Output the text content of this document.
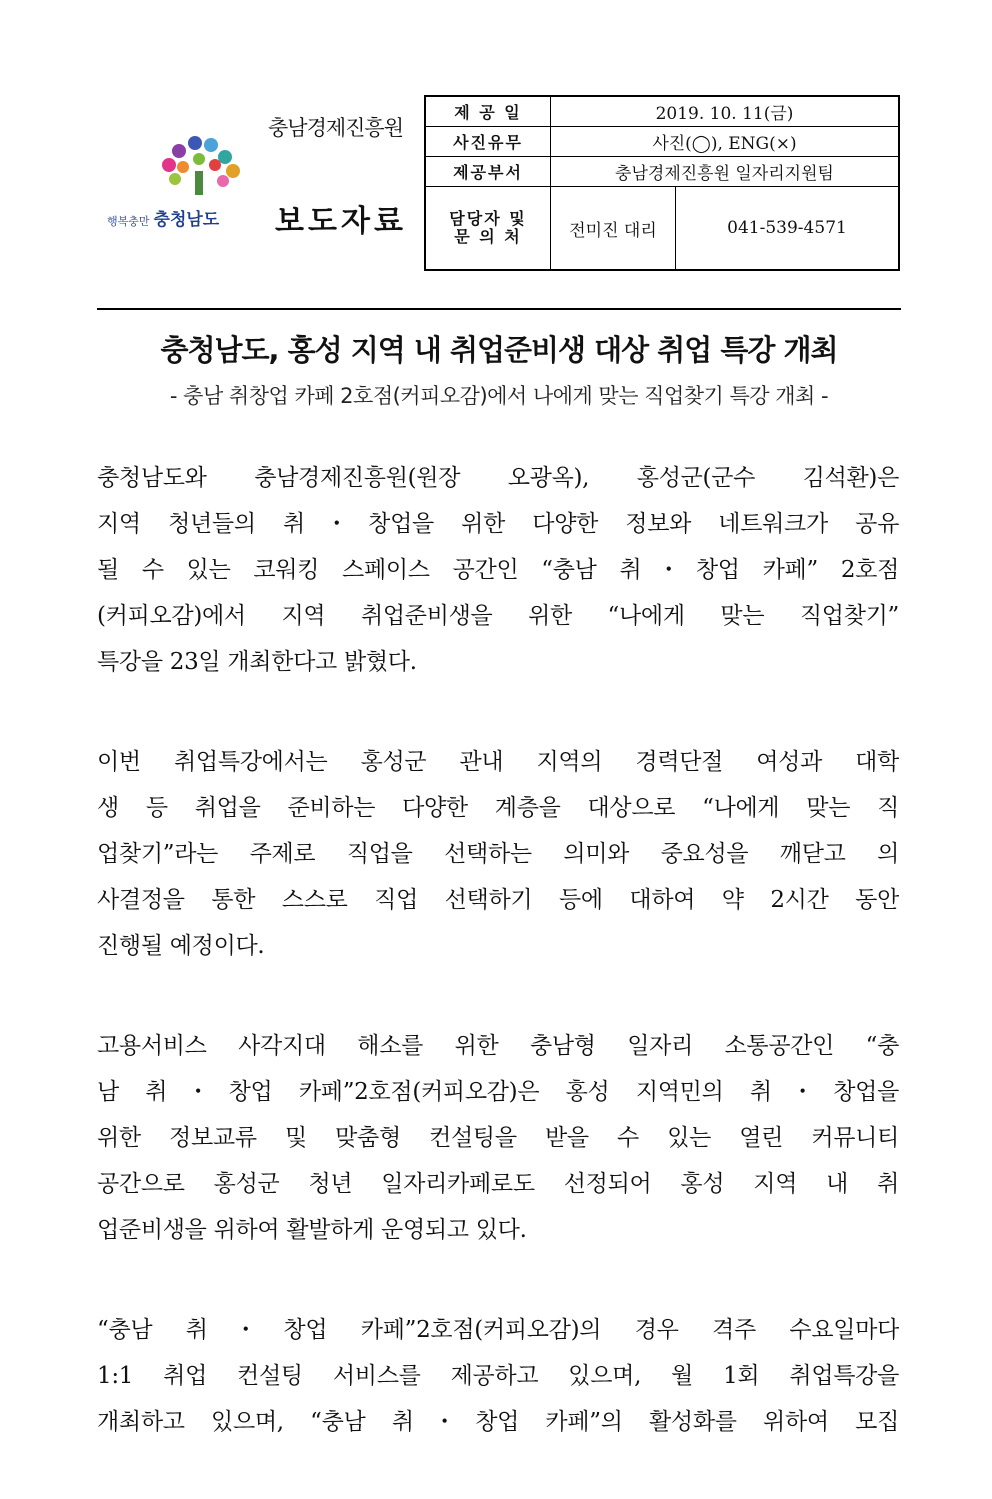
행복충만 충청남도
충남경제진흥원
보도자료
제 공 일	2019. 10. 11(금)	
사진유무	사진(◯), ENG(×)	
제공부서	충남경제진흥원 일자리지원팀	

담당자 및
문 의 처	전미진 대리	041-539-4571
충청남도, 홍성 지역 내 취업준비생 대상 취업 특강 개최
- 충남 취창업 카페 2호점(커피오감)에서 나에게 맞는 직업찾기 특강 개최 -
충청남도와 충남경제진흥원(원장 오광옥), 홍성군(군수 김석환)은
지역 청년들의 취・창업을 위한 다양한 정보와 네트워크가 공유
될 수 있는 코워킹 스페이스 공간인 “충남 취・창업 카페” 2호점
(커피오감)에서 지역 취업준비생을 위한 “나에게 맞는 직업찾기”
특강을 23일 개최한다고 밝혔다.
이번 취업특강에서는 홍성군 관내 지역의 경력단절 여성과 대학
생 등 취업을 준비하는 다양한 계층을 대상으로 “나에게 맞는 직
업찾기”라는 주제로 직업을 선택하는 의미와 중요성을 깨닫고 의
사결정을 통한 스스로 직업 선택하기 등에 대하여 약 2시간 동안
진행될 예정이다.
고용서비스 사각지대 해소를 위한 충남형 일자리 소통공간인 “충
남 취・창업 카페”2호점(커피오감)은 홍성 지역민의 취・창업을
위한 정보교류 및 맞춤형 컨설팅을 받을 수 있는 열린 커뮤니티
공간으로 홍성군 청년 일자리카페로도 선정되어 홍성 지역 내 취
업준비생을 위하여 활발하게 운영되고 있다.
“충남 취・창업 카페”2호점(커피오감)의 경우 격주 수요일마다
1:1 취업 컨설팅 서비스를 제공하고 있으며, 월 1회 취업특강을
개최하고 있으며, “충남 취・창업 카페”의 활성화를 위하여 모집
